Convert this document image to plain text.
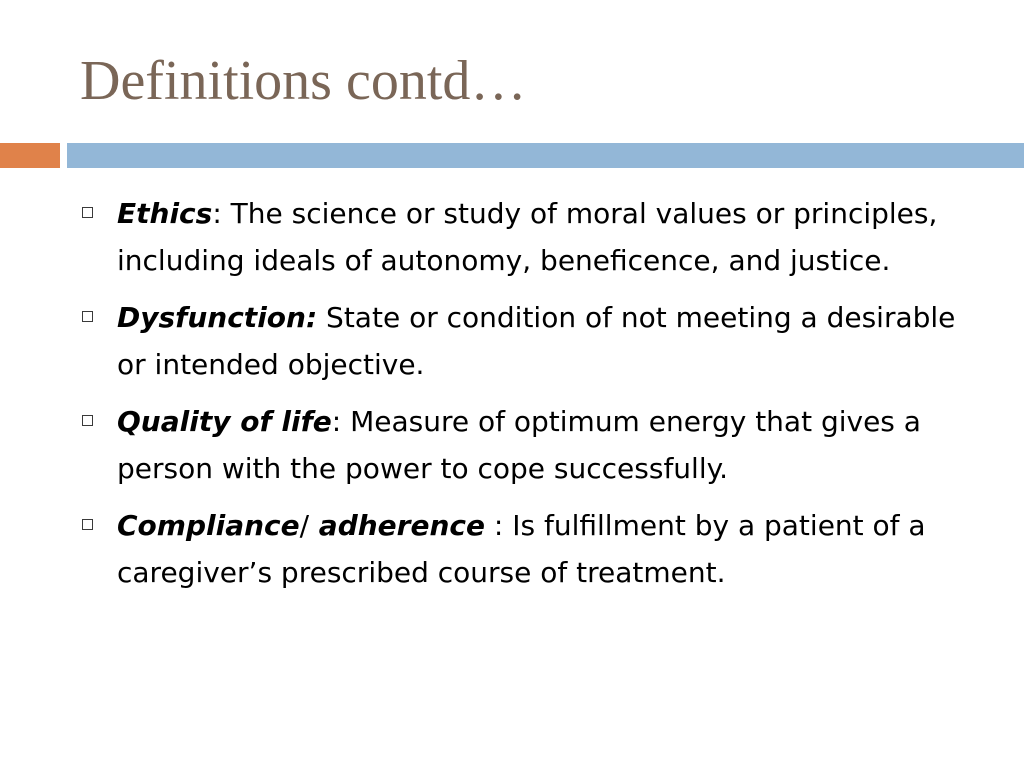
Definitions contd…
Ethics: The science or study of moral values or principles, including ideals of autonomy, beneficence, and justice.
Dysfunction: State or condition of not meeting a desirable or intended objective.
Quality of life: Measure of optimum energy that gives a person with the power to cope successfully.
Compliance/ adherence : Is fulfillment by a patient of a caregiver’s prescribed course of treatment.
